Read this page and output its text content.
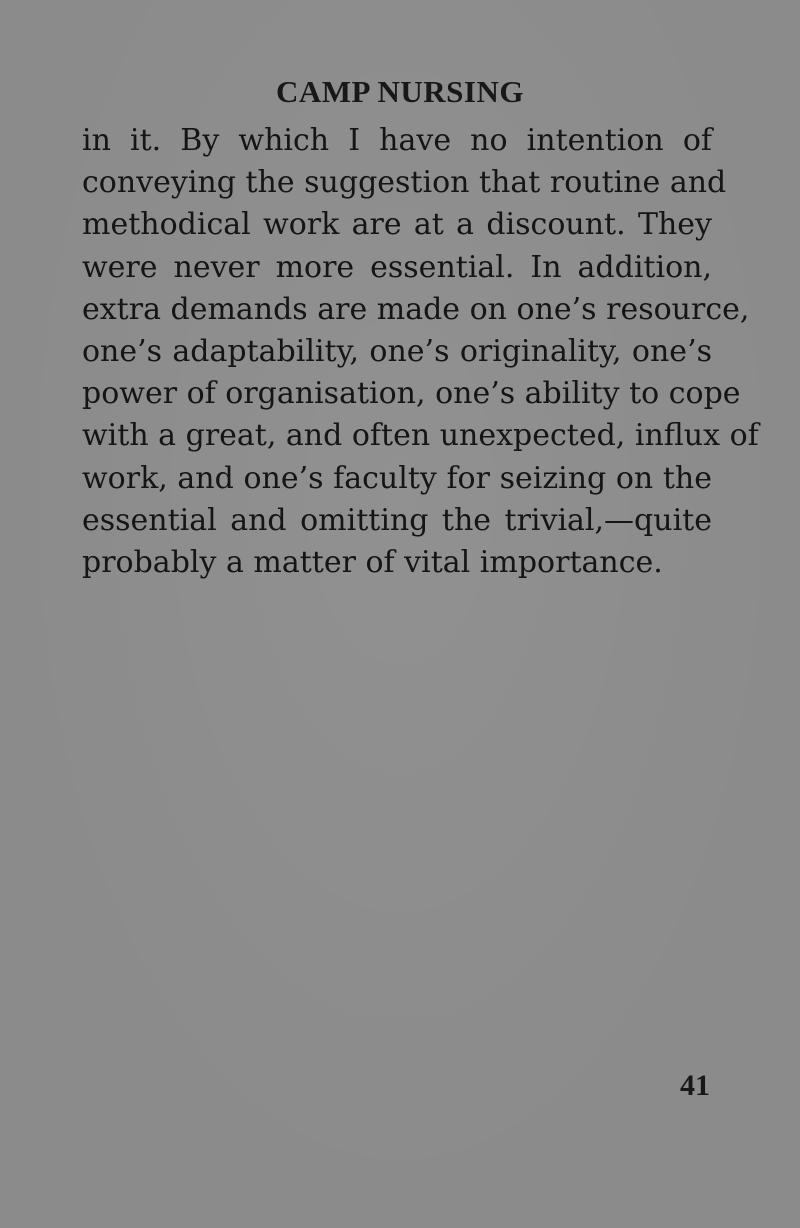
CAMP NURSING
in it. By which I have no intention of
conveying the suggestion that routine and
methodical work are at a discount. They
were never more essential. In addition,
extra demands are made on one’s resource,
one’s adaptability, one’s originality, one’s
power of organisation, one’s ability to cope
with a great, and often unexpected, influx of
work, and one’s faculty for seizing on the
essential and omitting the trivial,—quite
probably a matter of vital importance.
41
